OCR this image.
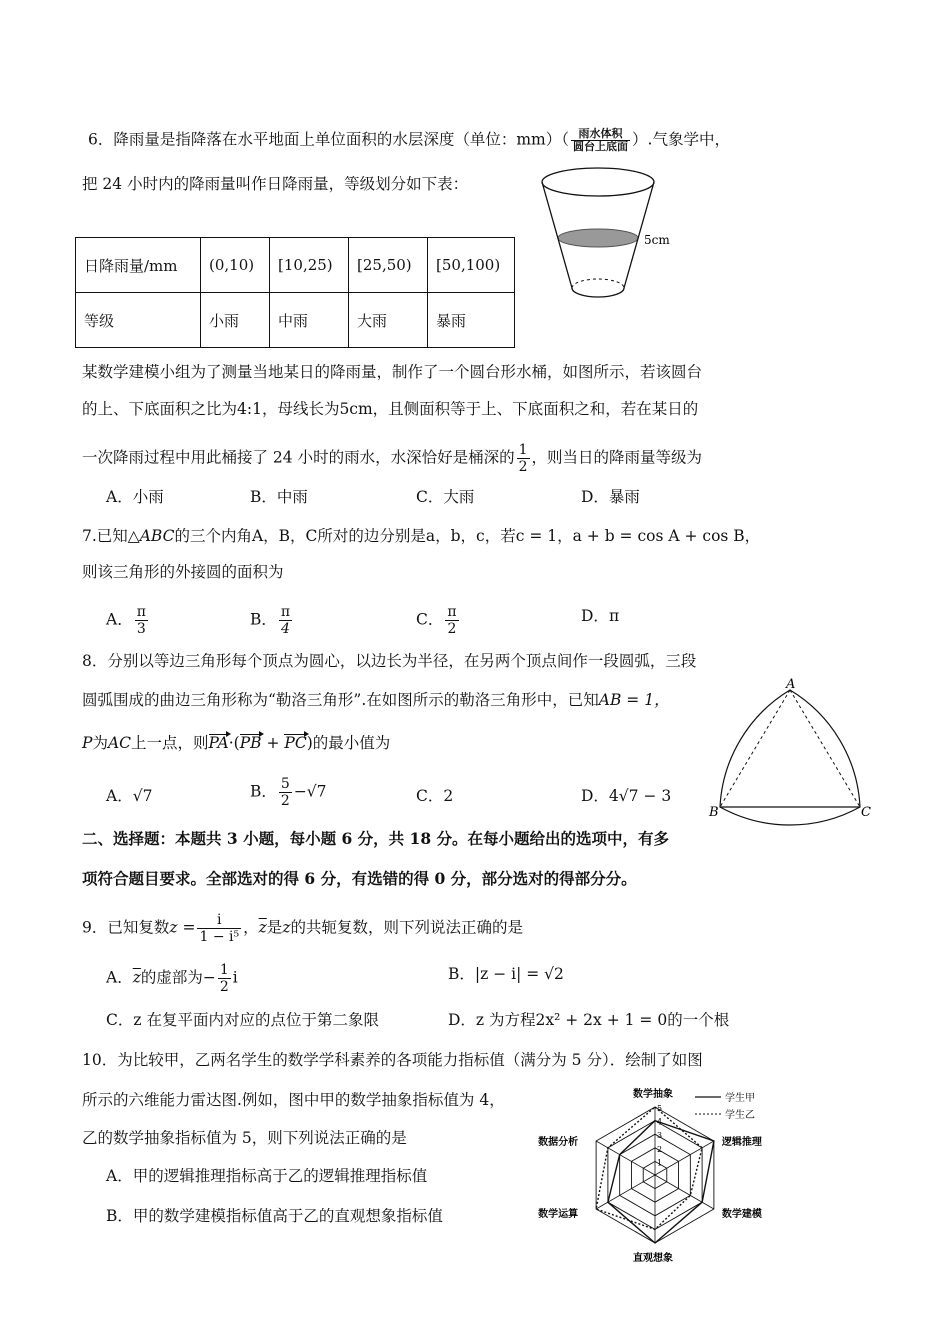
6．降雨量是指降落在水平地面上单位面积的水层深度（单位：$mm)( \frac{\text{雨水体积}}{\text{圆台上底面}}$ ）.气象学中，
把 24 小时内的降雨量叫作日降雨量，等级划分如下表：
日降雨量/mm	(0,10)	[10,25)	[25,50)	[50,100)
等级	小雨	中雨	大雨	暴雨
5cm
某数学建模小组为了测量当地某日的降雨量，制作了一个圆台形水桶，如图所示，若该圆台
的上、下底面积之比为4:1，母线长为5cm，且侧面积等于上、下底面积之和，若在某日的
一次降雨过程中用此桶接了 24 小时的雨水，水深恰好是桶深的 $\frac{1}{2}$ ，则当日的降雨量等级为
A．小雨	B．中雨	C．大雨	D．暴雨
7.已知△ABC的三个内角A，B，C所对的边分别是a，b，c，若c = 1，a + b = cos A + cos B，
则该三角形的外接圆的面积为
A． $\frac{\pi}{3}$	B． $\frac{\pi}{4}$	C． $\frac{\pi}{2}$	D．π
8．分别以等边三角形每个顶点为圆心，以边长为半径，在另两个顶点间作一段圆弧，三段
圆弧围成的曲边三角形称为“勒洛三角形”.在如图所示的勒洛三角形中，已知AB = 1，
P为AC上一点，则PA·(PB + PC)的最小值为
A．√7	B． $\frac{5}{2} -√7$	C．2	D．4√7 − 3
A
B	C
二、选择题：本题共 3 小题，每小题 6 分，共 18 分。在每小题给出的选项中，有多
项符合题目要求。全部选对的得 6 分，有选错的得 0 分，部分选对的得部分分。
9．已知复数$z = \frac{i}{\text{1 − i⁵}}$ ，$\overline{z}$是z的共轭复数，则下列说法正确的是
A．$\overline{z}$的虚部为− $\frac{1}{2}$ i	B．|z − i| = √2
C．z 在复平面内对应的点位于第二象限	D．z 为方程2x² + 2x + 1 = 0的一个根
10．为比较甲，乙两名学生的数学学科素养的各项能力指标值（满分为 5 分）．绘制了如图
所示的六维能力雷达图.例如，图中甲的数学抽象指标值为 4，
乙的数学抽象指标值为 5，则下列说法正确的是
A．甲的逻辑推理指标高于乙的逻辑推理指标值
B．甲的数学建模指标值高于乙的直观想象指标值
1
2
3
4
5
数学抽象
逻辑推理
数学建模
直观想象
数学运算
数据分析
学生甲
学生乙
